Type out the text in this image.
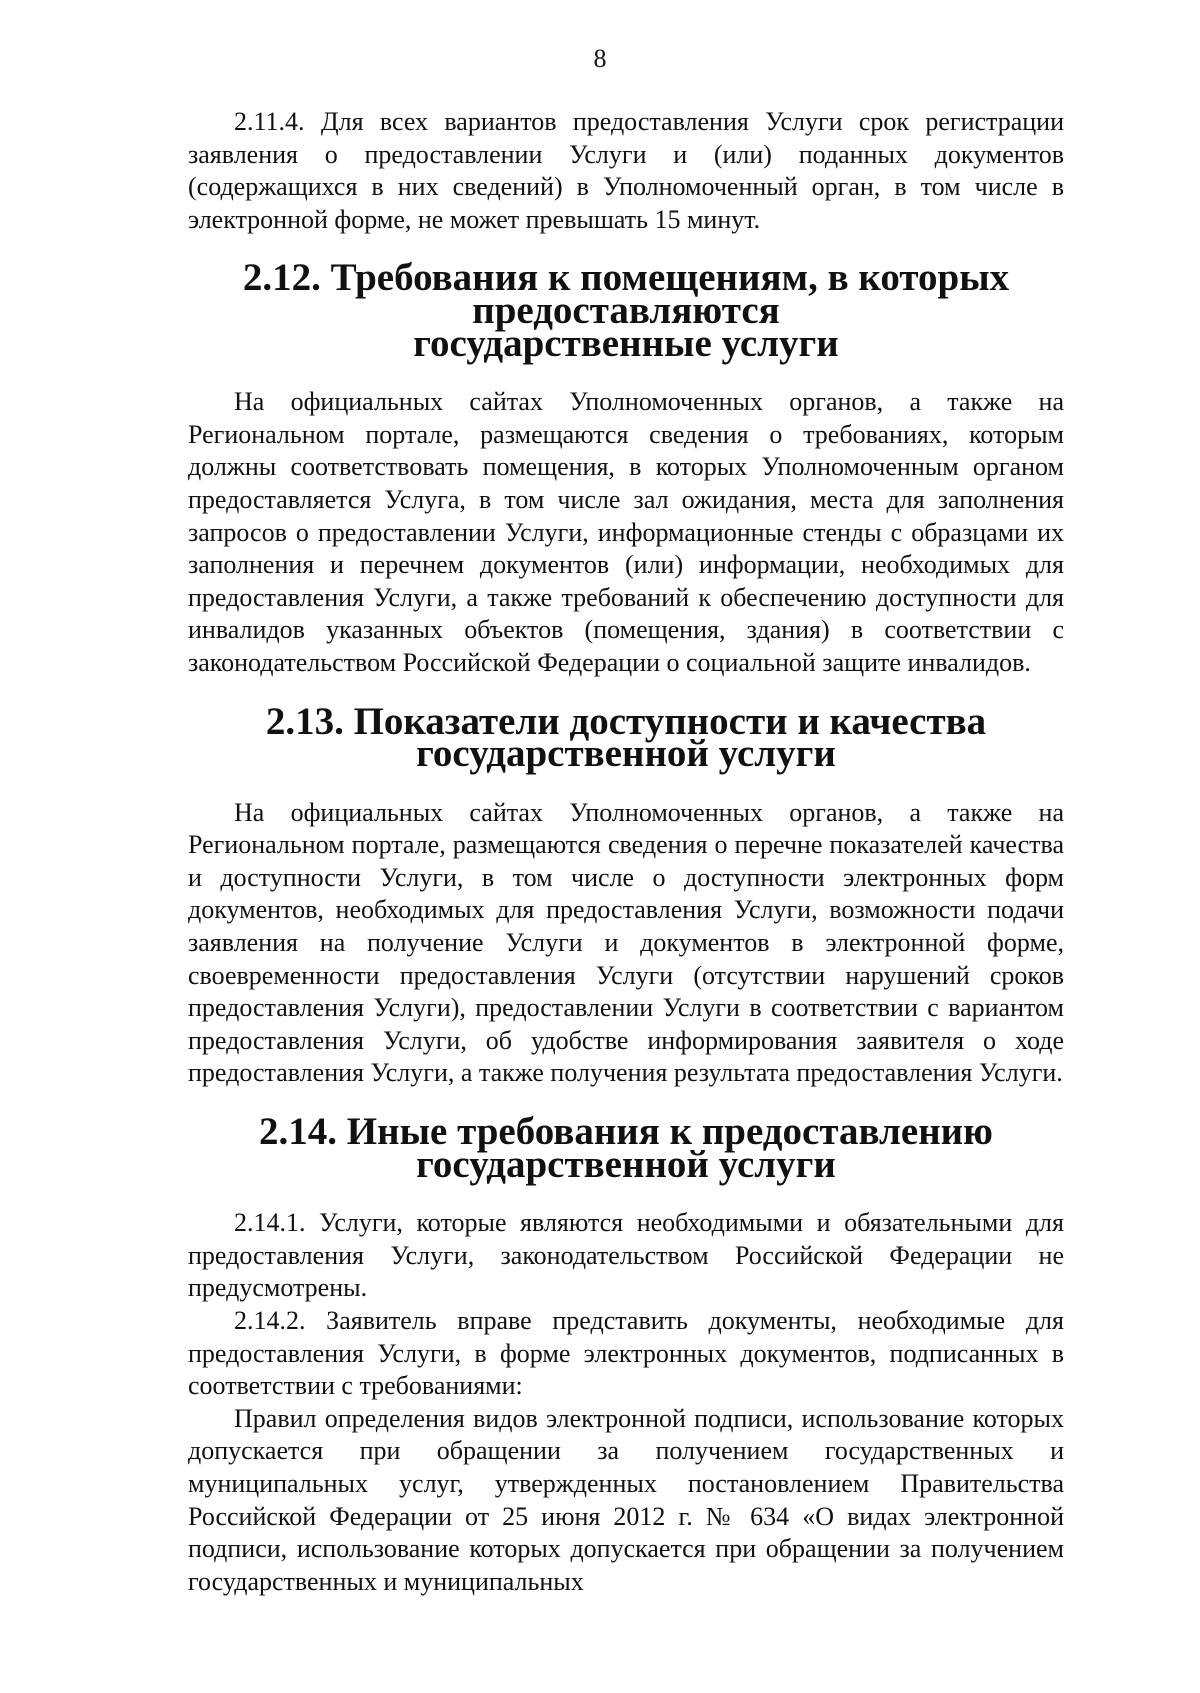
8

2.11.4. Для всех вариантов предоставления Услуги срок регистрации заявления о предоставлении Услуги и (или) поданных документов (содержащихся в них сведений) в Уполномоченный орган, в том числе в электронной форме, не может превышать 15 минут.

2.12. Требования к помещениям, в которых предоставляются
государственные услуги

На официальных сайтах Уполномоченных органов, а также на Региональном портале, размещаются сведения о требованиях, которым должны соответствовать помещения, в которых Уполномоченным органом предоставляется Услуга, в том числе зал ожидания, места для заполнения запросов о предоставлении Услуги, информационные стенды с образцами их заполнения и перечнем документов (или) информации, необходимых для предоставления Услуги, а также требований к обеспечению доступности для инвалидов указанных объектов (помещения, здания) в соответствии с законодательством Российской Федерации о социальной защите инвалидов.

2.13. Показатели доступности и качества
государственной услуги

На официальных сайтах Уполномоченных органов, а также на Региональном портале, размещаются сведения о перечне показателей качества и доступности Услуги, в том числе о доступности электронных форм документов, необходимых для предоставления Услуги, возможности подачи заявления на получение Услуги и документов в электронной форме, своевременности предоставления Услуги (отсутствии нарушений сроков предоставления Услуги), предоставлении Услуги в соответствии с вариантом предоставления Услуги, об удобстве информирования заявителя о ходе предоставления Услуги, а также получения результата предоставления Услуги.

2.14. Иные требования к предоставлению
государственной услуги

2.14.1. Услуги, которые являются необходимыми и обязательными для предоставления Услуги, законодательством Российской Федерации не предусмотрены.

2.14.2. Заявитель вправе представить документы, необходимые для предоставления Услуги, в форме электронных документов, подписанных в соответствии с требованиями:

Правил определения видов электронной подписи, использование которых допускается при обращении за получением государственных и муниципальных услуг, утвержденных постановлением Правительства Российской Федерации от 25 июня 2012 г. № 634 «О видах электронной подписи, использование которых допускается при обращении за получением государственных и муниципальных
